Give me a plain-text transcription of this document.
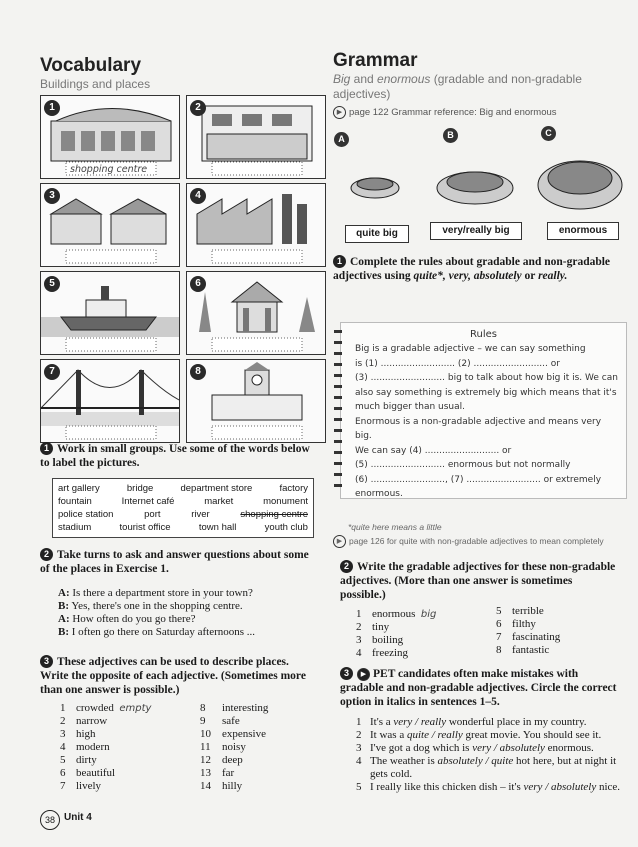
Vocabulary
Buildings and places
shopping centre
1	2
3	4
5	6
7	8
1 Work in small groups. Use some of the words below to label the pictures.
art gallery	bridge	department store	factory
fountain	Internet café	market	monument
police station	port	river	shopping centre
stadium	tourist office	town hall	youth club
2 Take turns to ask and answer questions about some of the places in Exercise 1.
A: Is there a department store in your town?
B: Yes, there's one in the shopping centre.
A: How often do you go there?
B: I often go there on Saturday afternoons ...
3 These adjectives can be used to describe places. Write the opposite of each adjective. (Sometimes more than one answer is possible.)
1 crowded
empty
2 narrow
3 high
4 modern
5 dirty
6 beautiful
7 lively
8	interesting
9	safe
10	expensive
11	noisy
12	deep
13	far
14	hilly
38 Unit 4
Grammar
Big and enormous (gradable and non-gradable adjectives)
▶ page 122 Grammar reference: Big and enormous
A	B	C
quite big	very/really big	enormous
1 Complete the rules about gradable and non-gradable adjectives using quite*, very, absolutely or really.
Rules
Big is a gradable adjective – we can say something
is (1) .......................... (2) .......................... or
(3) .......................... big to talk about how big it is. We can
also say something is extremely big which means that it's
much bigger than usual.
Enormous is a non-gradable adjective and means very big.
We can say (4) .......................... or
(5) .......................... enormous but not normally
(6) .........................., (7) .......................... or extremely
enormous.
*quite here means a little
▶ page 126 for quite with non-gradable adjectives to mean completely
2 Write the gradable adjectives for these non-gradable adjectives. (More than one answer is sometimes possible.)
1 enormous
big
2 tiny
3 boiling
4 freezing
5 terrible
6 filthy
7 fascinating
8 fantastic
3 ▶ PET candidates often make mistakes with gradable and non-gradable adjectives. Circle the correct option in italics in sentences 1–5.
1 It's a very / really wonderful place in my country.
2 It was a quite / really great movie. You should see it.
3 I've got a dog which is very / absolutely enormous.
4 The weather is absolutely / quite hot here, but at night it gets cold.
5 I really like this chicken dish – it's very / absolutely nice.
